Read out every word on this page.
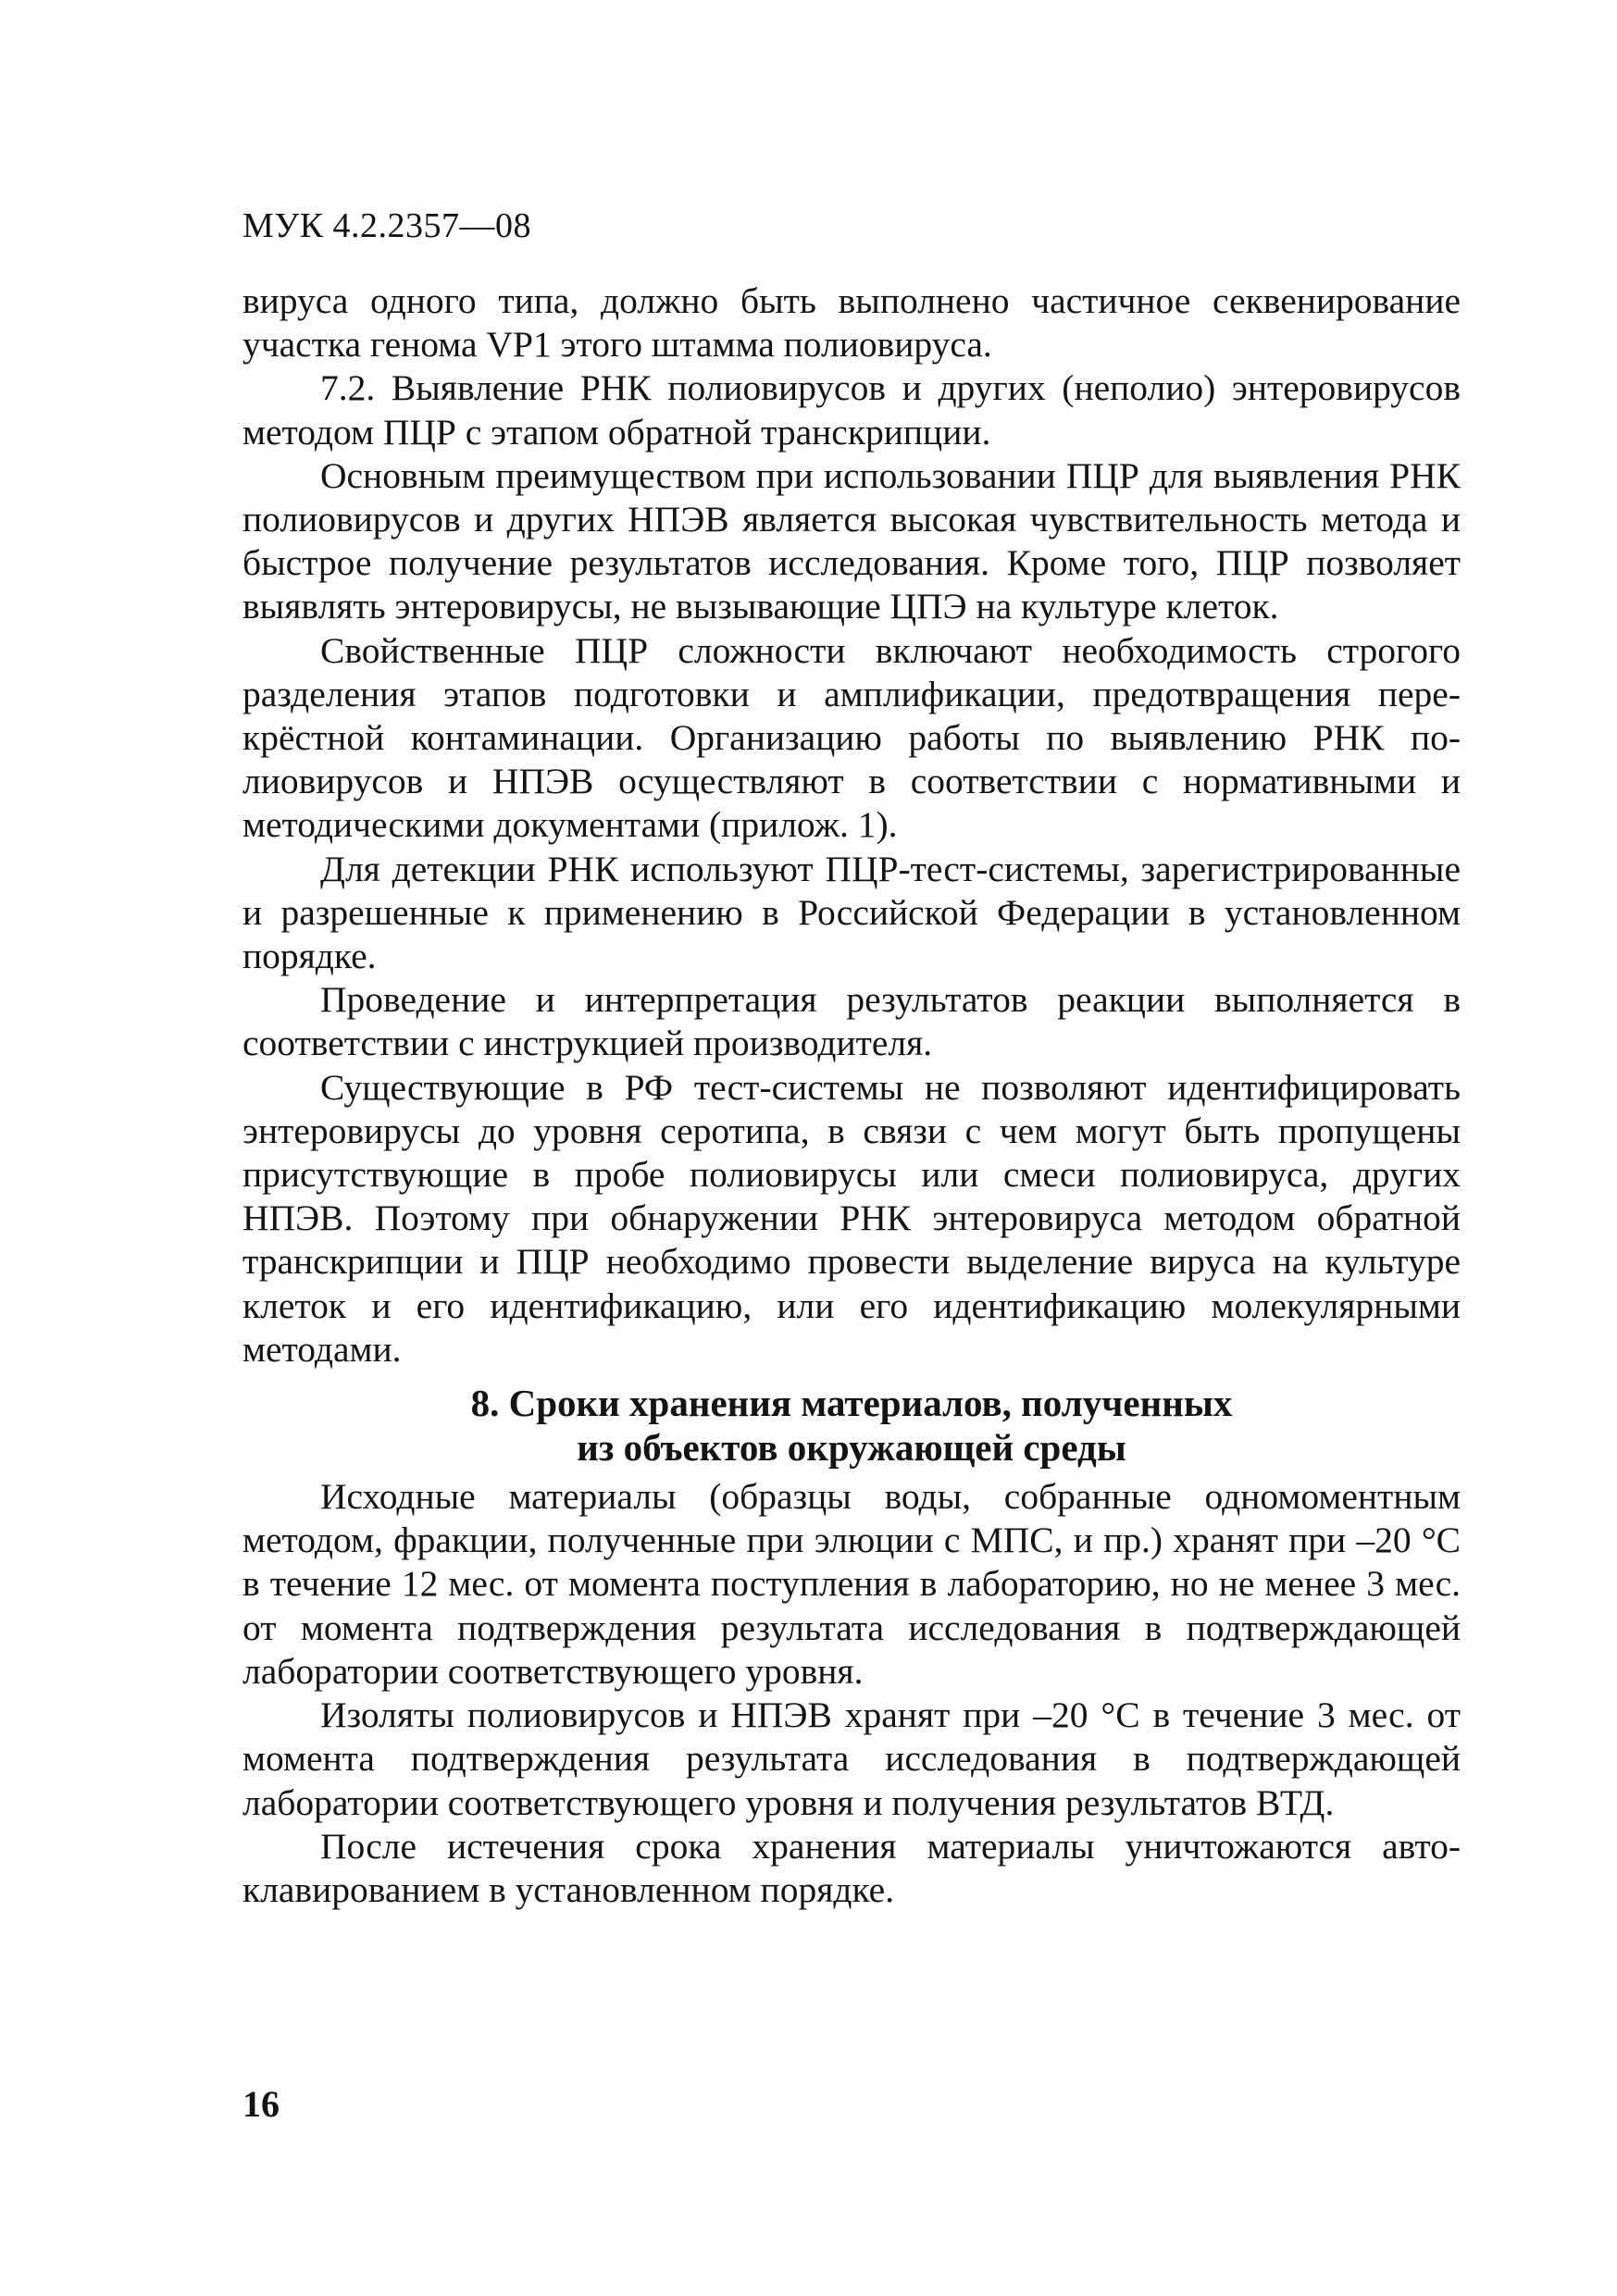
МУК 4.2.2357—08

вируса одного типа, должно быть выполнено частичное секвенирование участка генома VP1 этого штамма полиовируса.

7.2. Выявление РНК полиовирусов и других (неполио) энтеровирусов методом ПЦР с этапом обратной транскрипции.

Основным преимуществом при использовании ПЦР для выявления РНК полиовирусов и других НПЭВ является высокая чувствительность метода и быстрое получение результатов исследования. Кроме того, ПЦР позволяет выявлять энтеровирусы, не вызывающие ЦПЭ на культуре клеток.

Свойственные ПЦР сложности включают необходимость строгого разделения этапов подготовки и амплификации, предотвращения перекрёстной контаминации. Организацию работы по выявлению РНК полиовирусов и НПЭВ осуществляют в соответствии с нормативными и методическими документами (прилож. 1).

Для детекции РНК используют ПЦР-тест-системы, зарегистрированные и разрешенные к применению в Российской Федерации в установленном порядке.

Проведение и интерпретация результатов реакции выполняется в соответствии с инструкцией производителя.

Существующие в РФ тест-системы не позволяют идентифицировать энтеровирусы до уровня серотипа, в связи с чем могут быть пропущены присутствующие в пробе полиовирусы или смеси полиовируса, других НПЭВ. Поэтому при обнаружении РНК энтеровируса методом обратной транскрипции и ПЦР необходимо провести выделение вируса на культуре клеток и его идентификацию, или его идентификацию молекулярными методами.

8. Сроки хранения материалов, полученных
из объектов окружающей среды

Исходные материалы (образцы воды, собранные одномоментным методом, фракции, полученные при элюции с МПС, и пр.) хранят при –20 °С в течение 12 мес. от момента поступления в лабораторию, но не менее 3 мес. от момента подтверждения результата исследования в подтверждающей лаборатории соответствующего уровня.

Изоляты полиовирусов и НПЭВ хранят при –20 °С в течение 3 мес. от момента подтверждения результата исследования в подтверждающей лаборатории соответствующего уровня и получения результатов ВТД.

После истечения срока хранения материалы уничтожаются автоклавированием в установленном порядке.

16
